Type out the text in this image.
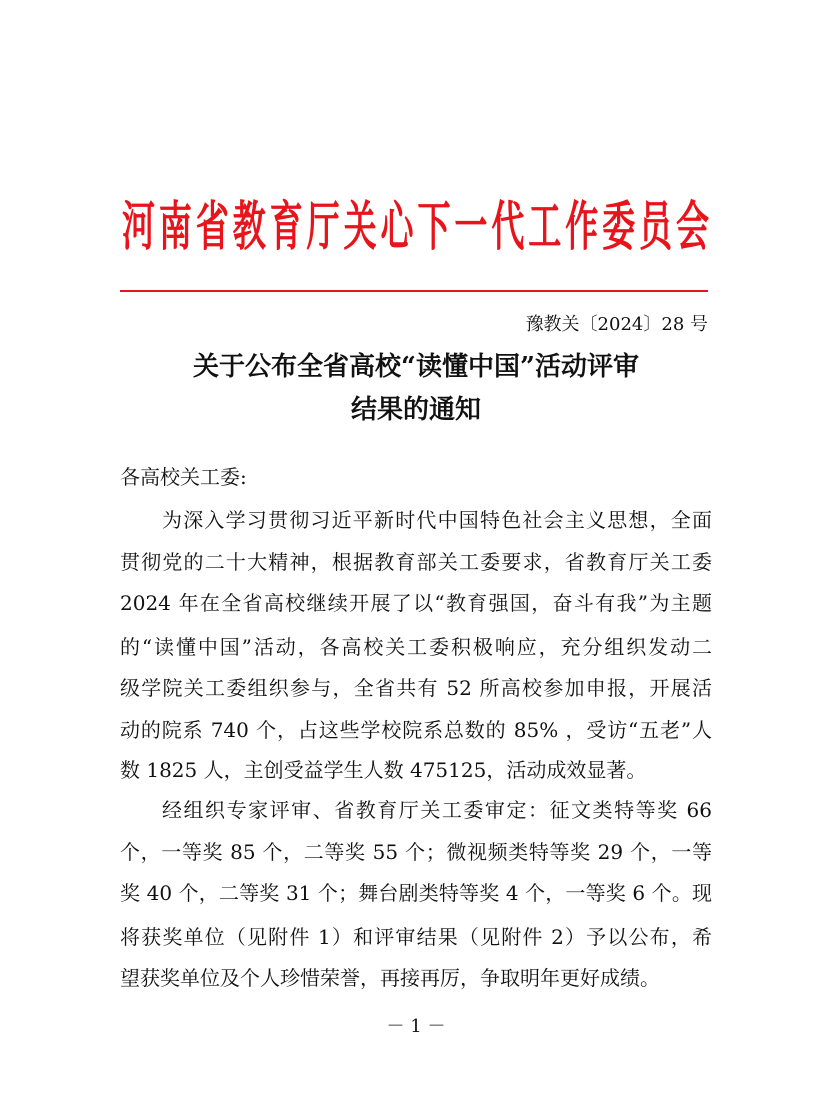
河南省教育厅关心下一代工作委员会
豫教关〔2024〕28 号
关于公布全省高校“读懂中国”活动评审
结果的通知
各高校关工委:
为深入学习贯彻习近平新时代中国特色社会主义思想，全面
贯彻党的二十大精神，根据教育部关工委要求，省教育厅关工委
2024 年在全省高校继续开展了以“教育强国，奋斗有我”为主题
的“读懂中国”活动，各高校关工委积极响应，充分组织发动二
级学院关工委组织参与，全省共有 52 所高校参加申报，开展活
动的院系 740 个，占这些学校院系总数的 85% ，受访“五老”人
数 1825 人，主创受益学生人数 475125，活动成效显著。
经组织专家评审、省教育厅关工委审定：征文类特等奖 66
个，一等奖 85 个，二等奖 55 个；微视频类特等奖 29 个，一等
奖 40 个，二等奖 31 个；舞台剧类特等奖 4 个，一等奖 6 个。现
将获奖单位（见附件 1）和评审结果（见附件 2）予以公布，希
望获奖单位及个人珍惜荣誉，再接再厉，争取明年更好成绩。
－ 1 －
